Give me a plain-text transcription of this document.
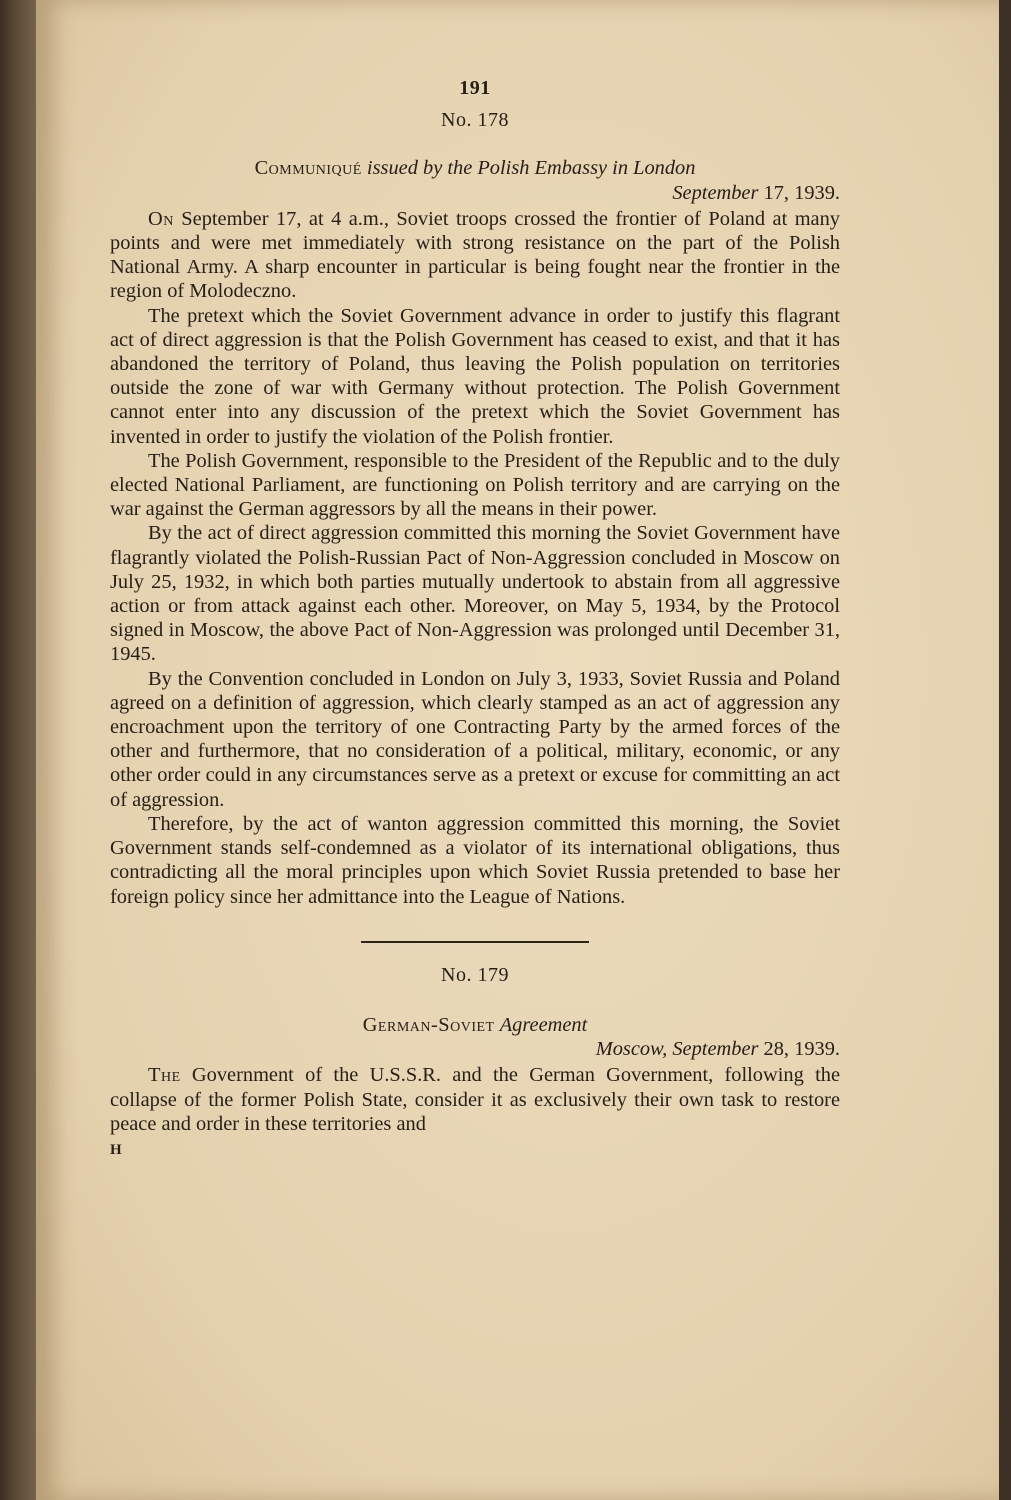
191
No. 178
Communiqué issued by the Polish Embassy in London
September 17, 1939.

On September 17, at 4 a.m., Soviet troops crossed the frontier of Poland at many points and were met immediately with strong resistance on the part of the Polish National Army. A sharp encounter in particular is being fought near the frontier in the region of Molodeczno.

The pretext which the Soviet Government advance in order to justify this flagrant act of direct aggression is that the Polish Government has ceased to exist, and that it has abandoned the territory of Poland, thus leaving the Polish population on territories outside the zone of war with Germany without protection. The Polish Government cannot enter into any discussion of the pretext which the Soviet Government has invented in order to justify the violation of the Polish frontier.

The Polish Government, responsible to the President of the Republic and to the duly elected National Parliament, are functioning on Polish territory and are carrying on the war against the German aggressors by all the means in their power.

By the act of direct aggression committed this morning the Soviet Government have flagrantly violated the Polish-Russian Pact of Non-Aggression concluded in Moscow on July 25, 1932, in which both parties mutually undertook to abstain from all aggressive action or from attack against each other. Moreover, on May 5, 1934, by the Protocol signed in Moscow, the above Pact of Non-Aggression was prolonged until December 31, 1945.

By the Convention concluded in London on July 3, 1933, Soviet Russia and Poland agreed on a definition of aggression, which clearly stamped as an act of aggression any encroachment upon the territory of one Contracting Party by the armed forces of the other and furthermore, that no consideration of a political, military, economic, or any other order could in any circumstances serve as a pretext or excuse for committing an act of aggression.

Therefore, by the act of wanton aggression committed this morning, the Soviet Government stands self-condemned as a violator of its international obligations, thus contradicting all the moral principles upon which Soviet Russia pretended to base her foreign policy since her admittance into the League of Nations.

No. 179
German-Soviet Agreement
Moscow, September 28, 1939.

The Government of the U.S.S.R. and the German Government, following the collapse of the former Polish State, consider it as exclusively their own task to restore peace and order in these territories and

H
